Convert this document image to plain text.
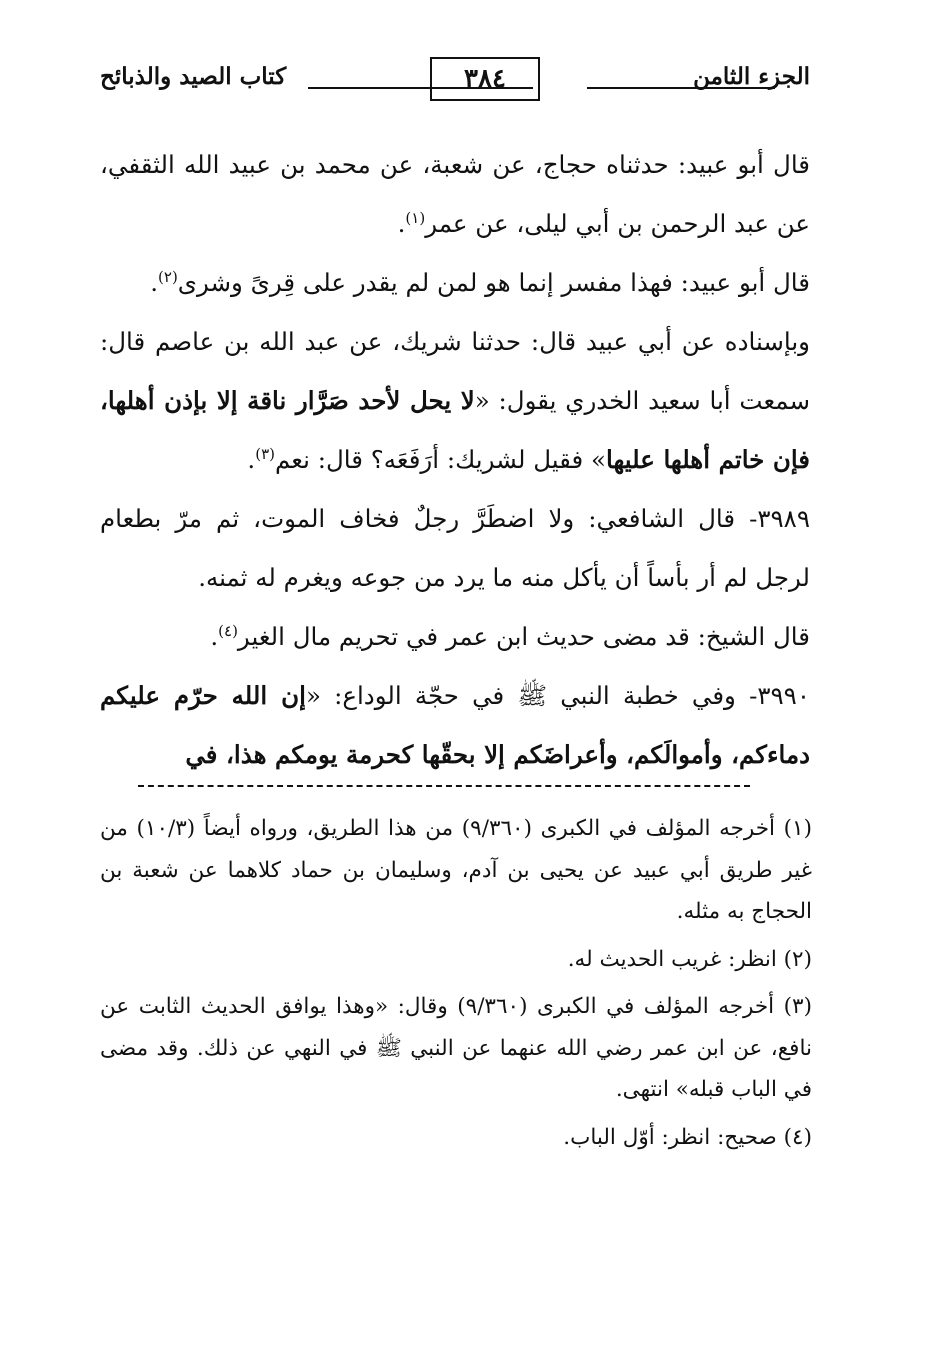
كتاب الصيد والذبائح	٣٨٤	الجزء الثامن

قال أبو عبيد: حدثناه حجاج، عن شعبة، عن محمد بن عبيد الله الثقفي، عن عبد الرحمن بن أبي ليلى، عن عمر$^{(١)}$.

قال أبو عبيد: فهذا مفسر إنما هو لمن لم يقدر على قِرىً وشرى$^{(٢)}$.

وبإسناده عن أبي عبيد قال: حدثنا شريك، عن عبد الله بن عاصم قال: سمعت أبا سعيد الخدري يقول: «لا يحل لأحد صَرَّار ناقة إلا بإذن أهلها، فإن خاتم أهلها عليها» فقيل لشريك: أرَفَعَه؟ قال: نعم$^{(٣)}$.

٣٩٨٩- قال الشافعي: ولا اضطَرَّ رجلٌ فخاف الموت، ثم مرّ بطعام لرجل لم أر بأساً أن يأكل منه ما يرد من جوعه ويغرم له ثمنه.

قال الشيخ: قد مضى حديث ابن عمر في تحريم مال الغير$^{(٤)}$.

٣٩٩٠- وفي خطبة النبي ﷺ في حجّة الوداع: «إن الله حرّم عليكم دماءكم، وأموالَكم، وأعراضَكم إلا بحقّها كحرمة يومكم هذا، في

(١) أخرجه المؤلف في الكبرى (٩/٣٦٠) من هذا الطريق، ورواه أيضاً (١٠/٣) من غير طريق أبي عبيد عن يحيى بن آدم، وسليمان بن حماد كلاهما عن شعبة بن الحجاج به مثله.

(٢) انظر: غريب الحديث له.

(٣) أخرجه المؤلف في الكبرى (٩/٣٦٠) وقال: «وهذا يوافق الحديث الثابت عن نافع، عن ابن عمر رضي الله عنهما عن النبي ﷺ في النهي عن ذلك. وقد مضى في الباب قبله» انتهى.

(٤) صحيح: انظر: أوّل الباب.
